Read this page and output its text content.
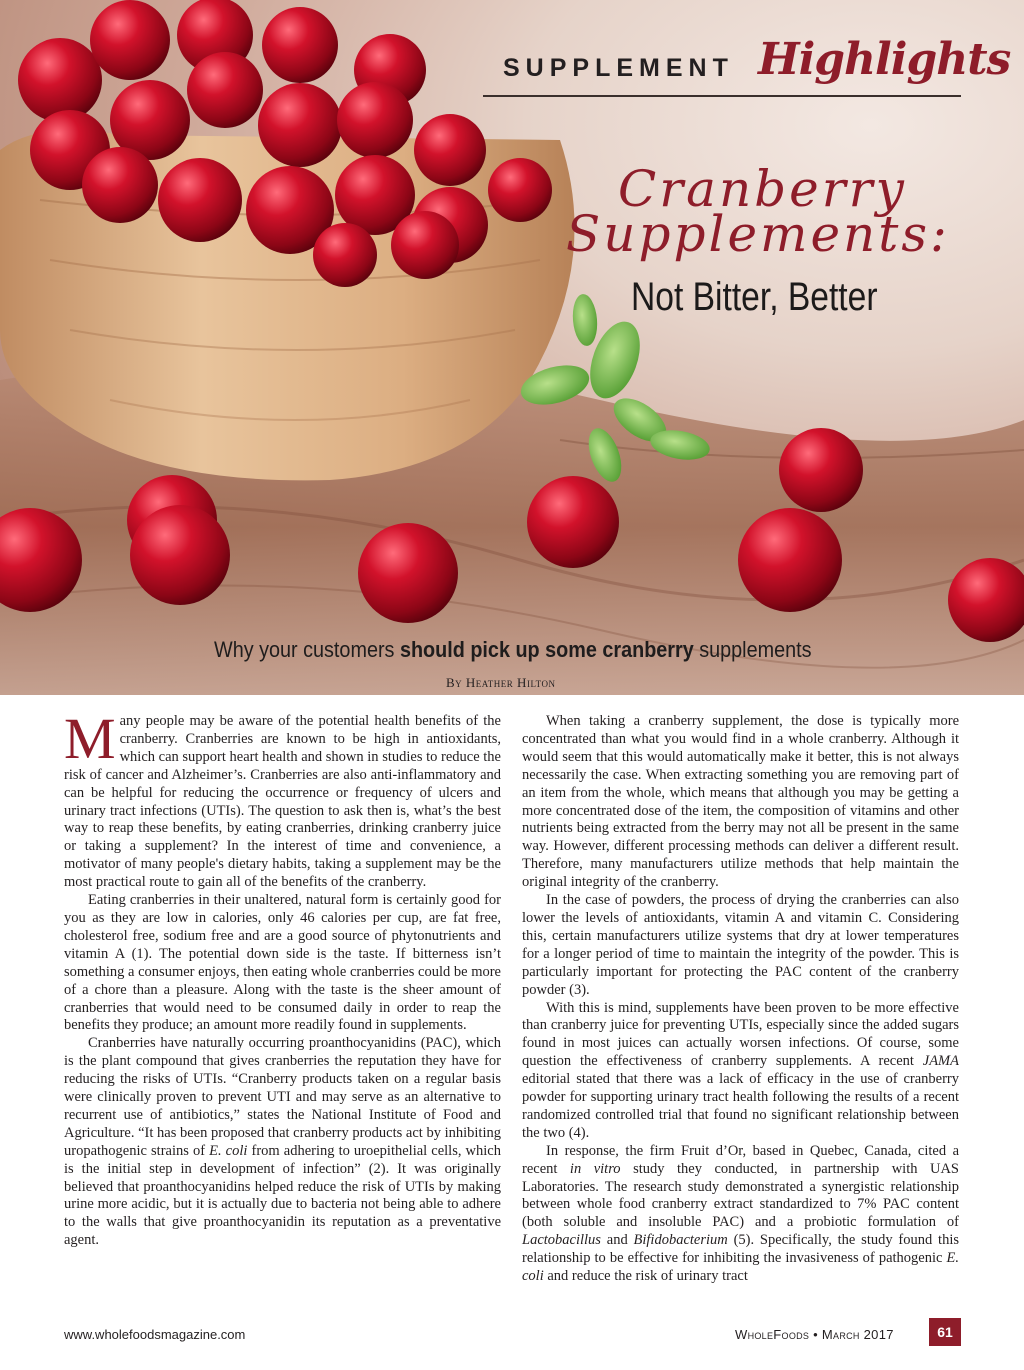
SUPPLEMENT Highlights
Cranberry
Supplements:
Not Bitter, Better
Why your customers should pick up some cranberry supplements
By Heather Hilton

Many people may be aware of the potential health benefits of the cranberry. Cranberries are known to be high in antioxidants, which can support heart health and shown in studies to reduce the risk of cancer and Alzheimer’s. Cranberries are also anti-inflammatory and can be helpful for reducing the occurrence or frequency of ulcers and urinary tract infections (UTIs). The question to ask then is, what’s the best way to reap these benefits, by eating cranberries, drinking cranberry juice or taking a supplement? In the interest of time and convenience, a motivator of many people's dietary habits, taking a supplement may be the most practical route to gain all of the benefits of the cranberry.

Eating cranberries in their unaltered, natural form is certainly good for you as they are low in calories, only 46 calories per cup, are fat free, cholesterol free, sodium free and are a good source of phytonutrients and vitamin A (1). The potential down side is the taste. If bitterness isn’t something a consumer enjoys, then eating whole cranberries could be more of a chore than a pleasure. Along with the taste is the sheer amount of cranberries that would need to be consumed daily in order to reap the benefits they produce; an amount more readily found in supplements.

Cranberries have naturally occurring proanthocyanidins (PAC), which is the plant compound that gives cranberries the reputation they have for reducing the risks of UTIs. “Cranberry products taken on a regular basis were clinically proven to prevent UTI and may serve as an alternative to recurrent use of antibiotics,” states the National Institute of Food and Agriculture. “It has been proposed that cranberry products act by inhibiting uropathogenic strains of E. coli from adhering to uroepithelial cells, which is the initial step in development of infection” (2). It was originally believed that proanthocyanidins helped reduce the risk of UTIs by making urine more acidic, but it is actually due to bacteria not being able to adhere to the walls that give proanthocyanidin its reputation as a preventative agent.

When taking a cranberry supplement, the dose is typically more concentrated than what you would find in a whole cranberry. Although it would seem that this would automatically make it better, this is not always necessarily the case. When extracting something you are removing part of an item from the whole, which means that although you may be getting a more concentrated dose of the item, the composition of vitamins and other nutrients being extracted from the berry may not all be present in the same way. However, different processing methods can deliver a different result. Therefore, many manufacturers utilize methods that help maintain the original integrity of the cranberry.

In the case of powders, the process of drying the cranberries can also lower the levels of antioxidants, vitamin A and vitamin C. Considering this, certain manufacturers utilize systems that dry at lower temperatures for a longer period of time to maintain the integrity of the powder. This is particularly important for protecting the PAC content of the cranberry powder (3).

With this is mind, supplements have been proven to be more effective than cranberry juice for preventing UTIs, especially since the added sugars found in most juices can actually worsen infections. Of course, some question the effectiveness of cranberry supplements. A recent JAMA editorial stated that there was a lack of efficacy in the use of cranberry powder for supporting urinary tract health following the results of a recent randomized controlled trial that found no significant relationship between the two (4).

In response, the firm Fruit d’Or, based in Quebec, Canada, cited a recent in vitro study they conducted, in partnership with UAS Laboratories. The research study demonstrated a synergistic relationship between whole food cranberry extract standardized to 7% PAC content (both soluble and insoluble PAC) and a probiotic formulation of Lactobacillus and Bifidobacterium (5). Specifically, the study found this relationship to be effective for inhibiting the invasiveness of pathogenic E. coli and reduce the risk of urinary tract

www.wholefoodsmagazine.com	WholeFoods • March 2017	61
